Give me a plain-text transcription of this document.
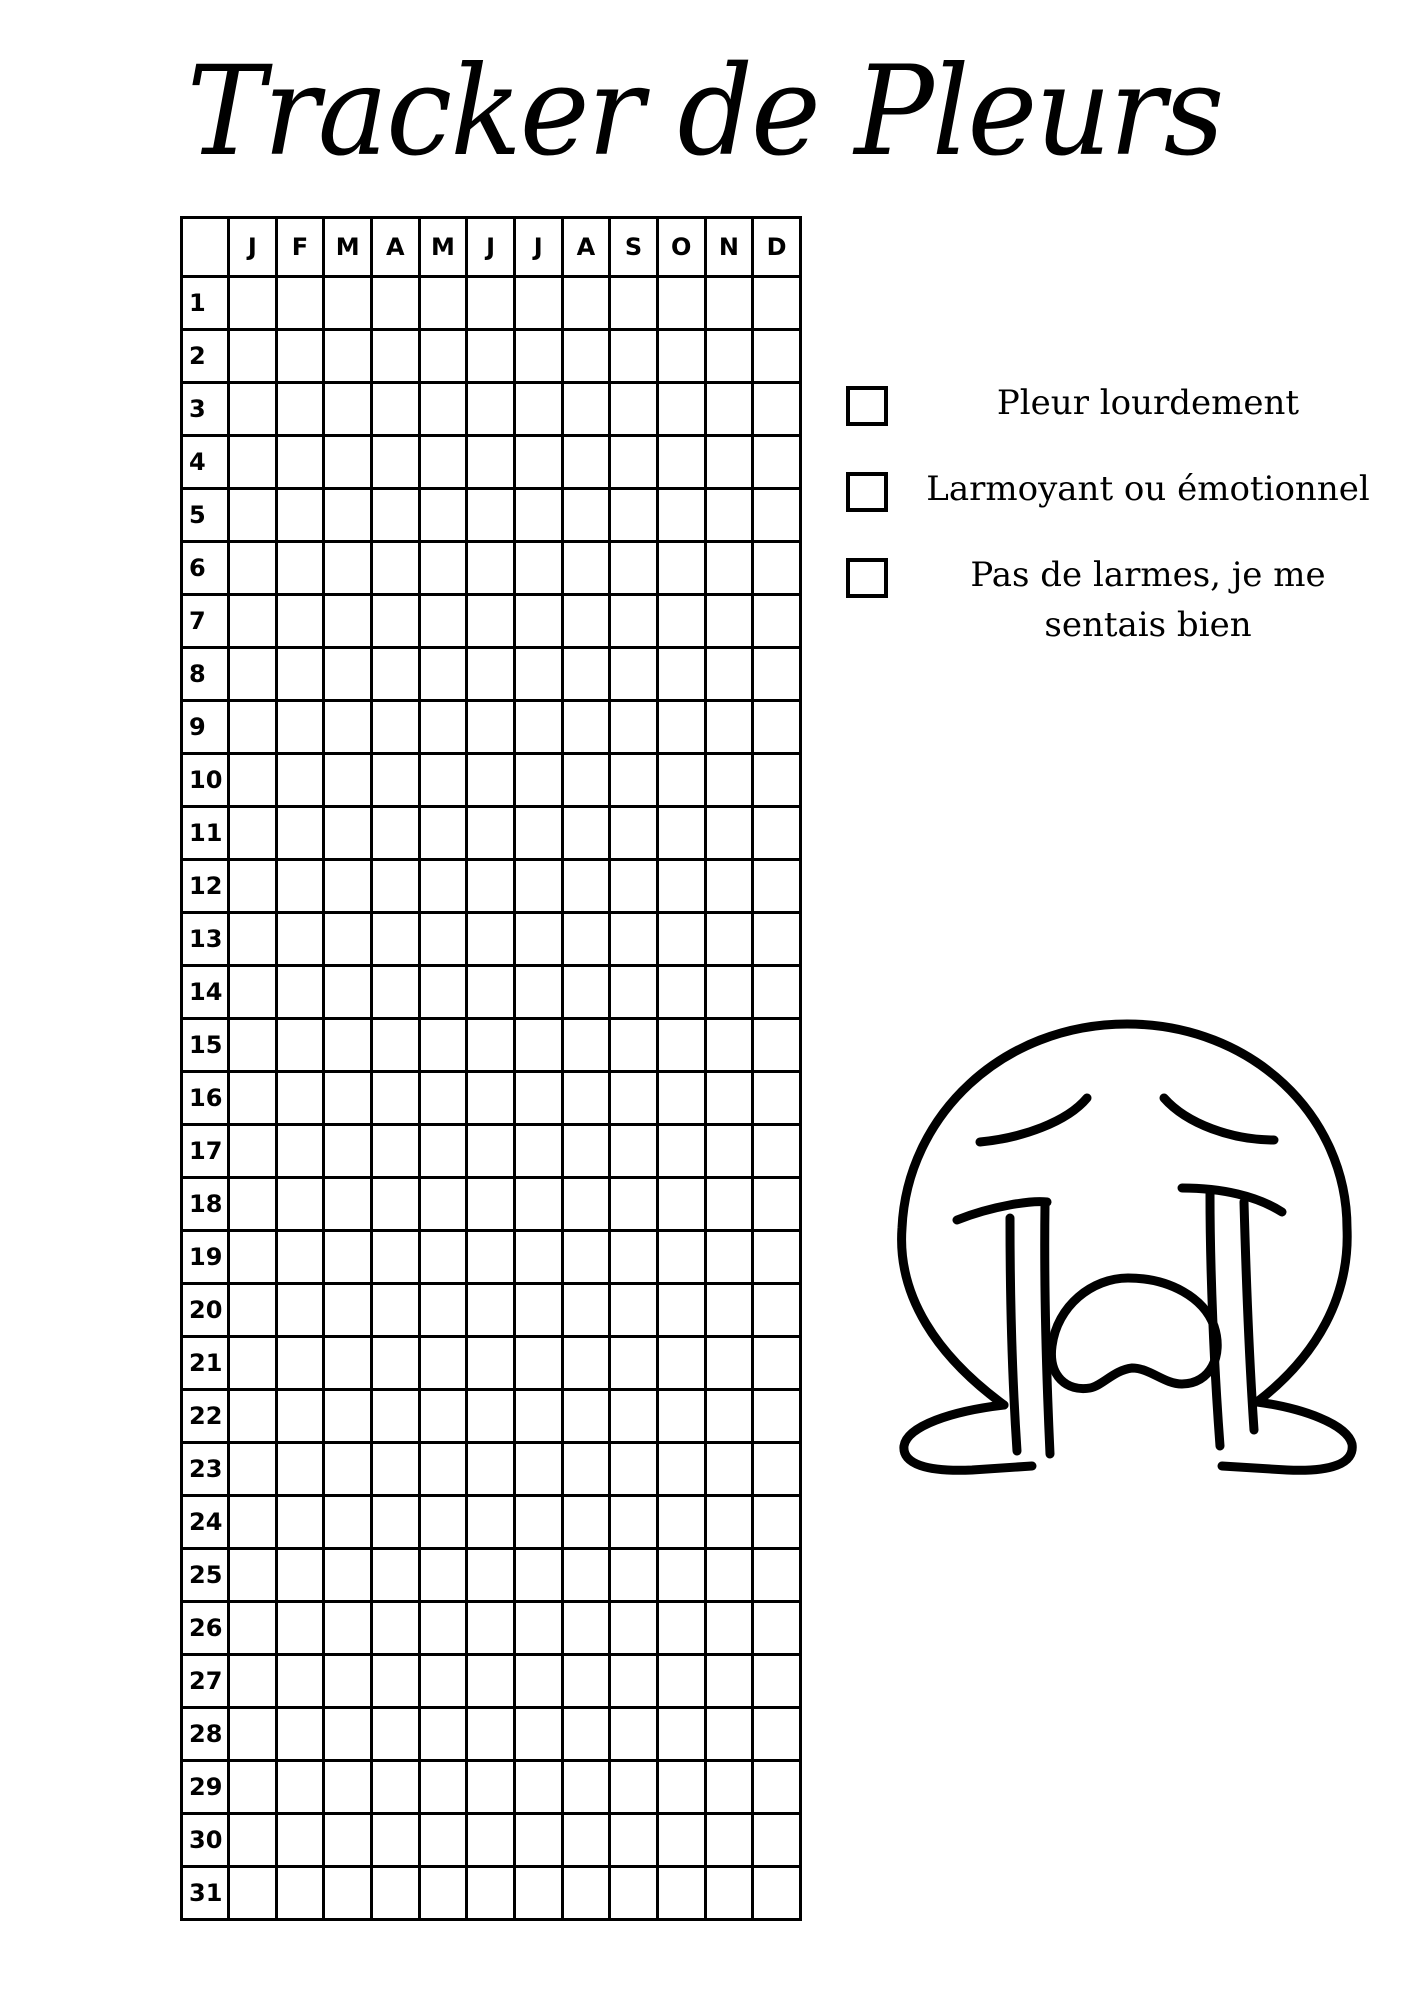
Tracker de Pleurs
	J	F	M	A	M	J	J	A	S	O	N	D
1												
2												
3												
4												
5												
6												
7												
8												
9												
10												
11												
12												
13												
14												
15												
16												
17												
18												
19												
20												
21												
22												
23												
24												
25												
26												
27												
28												
29												
30												
31												
Pleur lourdement
Larmoyant ou émotionnel
Pas de larmes, je me sentais bien
